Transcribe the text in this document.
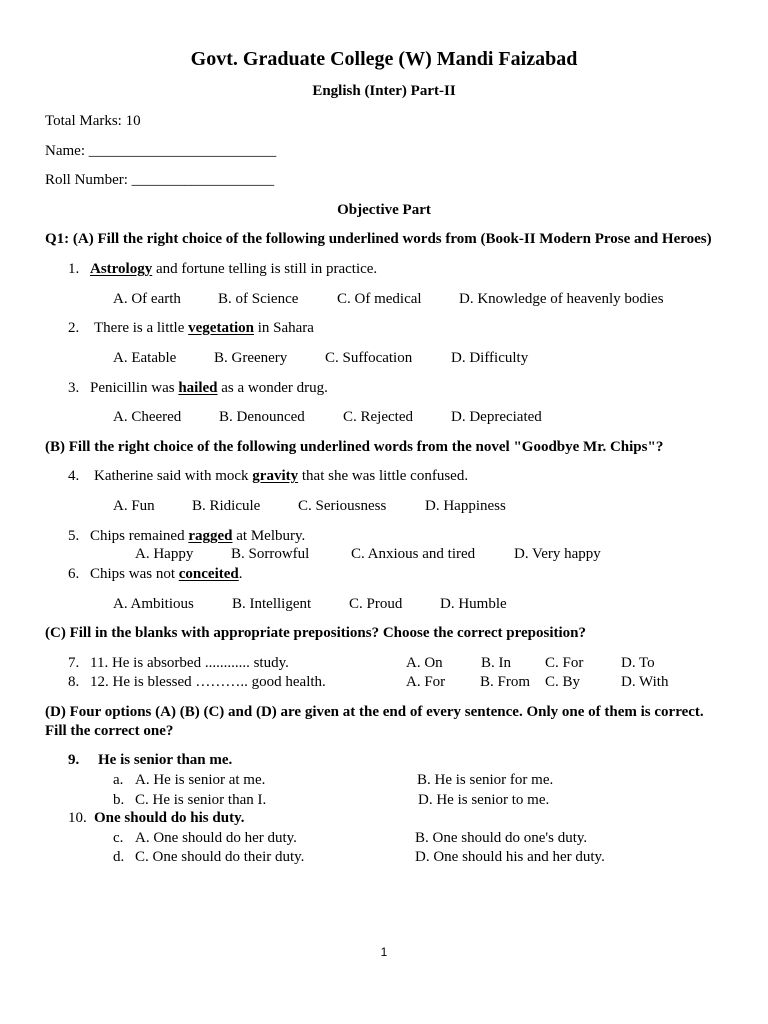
Govt. Graduate College (W) Mandi Faizabad
English (Inter) Part-II
Total Marks: 10
Name: _________________________
Roll Number: ___________________
Objective Part
Q1: (A) Fill the right choice of the following underlined words from (Book-II Modern Prose and Heroes)
1. Astrology and fortune telling is still in practice.
A. Of earth B. of Science	C. Of medical D. Knowledge of heavenly bodies
2. There is a little vegetation in Sahara
A. Eatable	B. Greenery	C. Suffocation	D. Difficulty
3. Penicillin was hailed as a wonder drug.
A. Cheered	B. Denounced	C. Rejected	D. Depreciated
(B) Fill the right choice of the following underlined words from the novel "Goodbye Mr. Chips"?
4. Katherine said with mock gravity that she was little confused.
A. Fun B. Ridicule	C. Seriousness	D. Happiness
5. Chips remained ragged at Melbury.
A. Happy	B. Sorrowful	C. Anxious and tired	D. Very happy
6. Chips was not conceited.
A. Ambitious	B. Intelligent	C. Proud	D. Humble
(C) Fill in the blanks with appropriate prepositions? Choose the correct preposition?
7. 11. He is absorbed ............ study.	A. On	B. In C. For	D. To
8. 12. He is blessed ……….. good health.	A. For B. From C. By	D. With
(D) Four options (A) (B) (C) and (D) are given at the end of every sentence. Only one of them is correct.
Fill the correct one?
9. He is senior than me.
a. A. He is senior at me.	B. He is senior for me.
b. C. He is senior than I.	D. He is senior to me.
10. One should do his duty.
c. A. One should do her duty.	B. One should do one's duty.
d. C. One should do their duty.	D. One should his and her duty.
1
